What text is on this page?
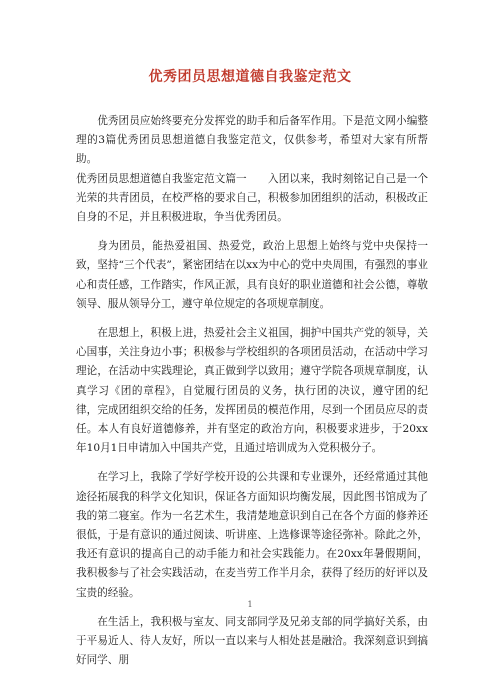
优秀团员思想道德自我鉴定范文

优秀团员应始终要充分发挥党的助手和后备军作用。下是范文网小编整理的3篇优秀团员思想道德自我鉴定范文，仅供参考，希望对大家有所帮助。

优秀团员思想道德自我鉴定范文篇一　　入团以来，我时刻铭记自己是一个光荣的共青团员，在校严格的要求自己，积极参加团组织的活动，积极改正自身的不足，并且积极进取，争当优秀团员。

身为团员，能热爱祖国、热爱党，政治上思想上始终与党中央保持一致，坚持“三个代表”，紧密团结在以xx为中心的党中央周围，有强烈的事业心和责任感，工作踏实，作风正派，具有良好的职业道德和社会公德，尊敬领导、服从领导分工，遵守单位规定的各项规章制度。

在思想上，积极上进，热爱社会主义祖国，拥护中国共产党的领导，关心国事，关注身边小事；积极参与学校组织的各项团员活动，在活动中学习理论，在活动中实践理论，真正做到学以致用；遵守学院各项规章制度，认真学习《团的章程》，自觉履行团员的义务，执行团的决议，遵守团的纪律，完成团组织交给的任务，发挥团员的模范作用，尽到一个团员应尽的责任。本人有良好道德修养，并有坚定的政治方向，积极要求进步，于20xx年10月1日申请加入中国共产党，且通过培训成为入党积极分子。

在学习上，我除了学好学校开设的公共课和专业课外，还经常通过其他途径拓展我的科学文化知识，保证各方面知识均衡发展，因此图书馆成为了我的第二寝室。作为一名艺术生，我清楚地意识到自己在各个方面的修养还很低，于是有意识的通过阅读、听讲座、上选修课等途径弥补。除此之外，我还有意识的提高自己的动手能力和社会实践能力。在20xx年暑假期间，我积极参与了社会实践活动，在麦当劳工作半月余，获得了经历的好评以及宝贵的经验。

在生活上，我积极与室友、同支部同学及兄弟支部的同学搞好关系，由于平易近人、待人友好，所以一直以来与人相处甚是融洽。我深刻意识到搞好同学、朋

1
